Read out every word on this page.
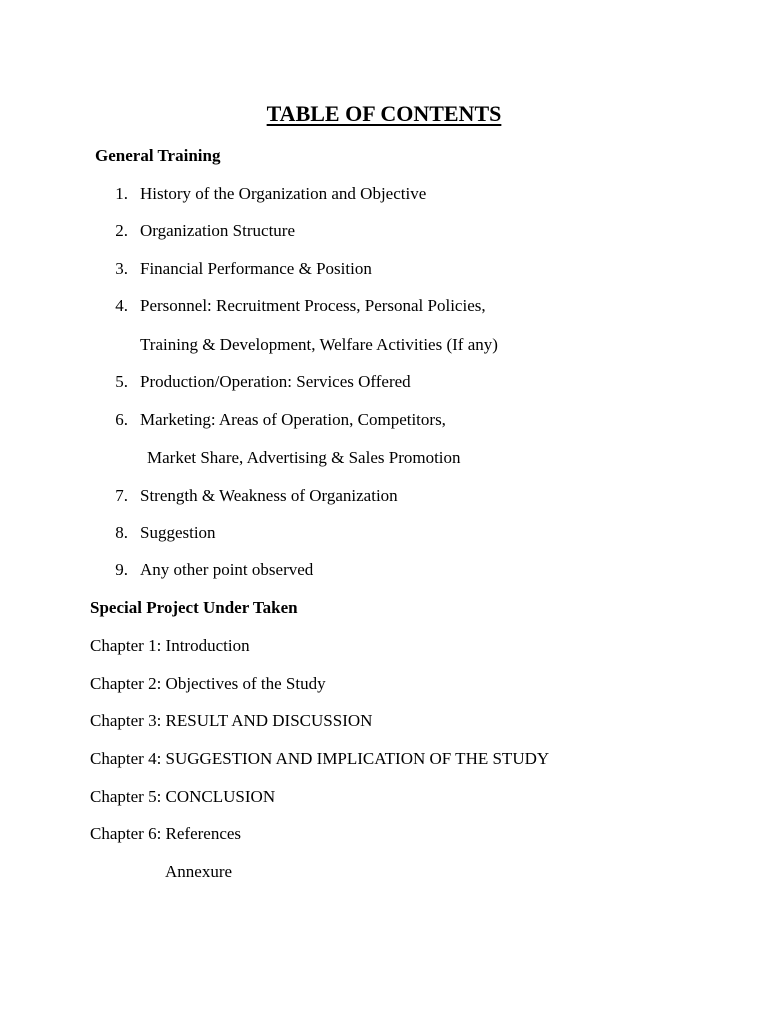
TABLE OF CONTENTS
General Training
1. History of the Organization and Objective
2. Organization Structure
3. Financial Performance & Position
4. Personnel: Recruitment Process, Personal Policies,
Training & Development, Welfare Activities (If any)
5. Production/Operation: Services Offered
6. Marketing: Areas of Operation, Competitors,
Market Share, Advertising & Sales Promotion
7. Strength & Weakness of Organization
8. Suggestion
9. Any other point observed
Special Project Under Taken
Chapter 1: Introduction
Chapter 2: Objectives of the Study
Chapter 3: RESULT AND DISCUSSION
Chapter 4: SUGGESTION AND IMPLICATION OF THE STUDY
Chapter 5: CONCLUSION
Chapter 6: References
Annexure
